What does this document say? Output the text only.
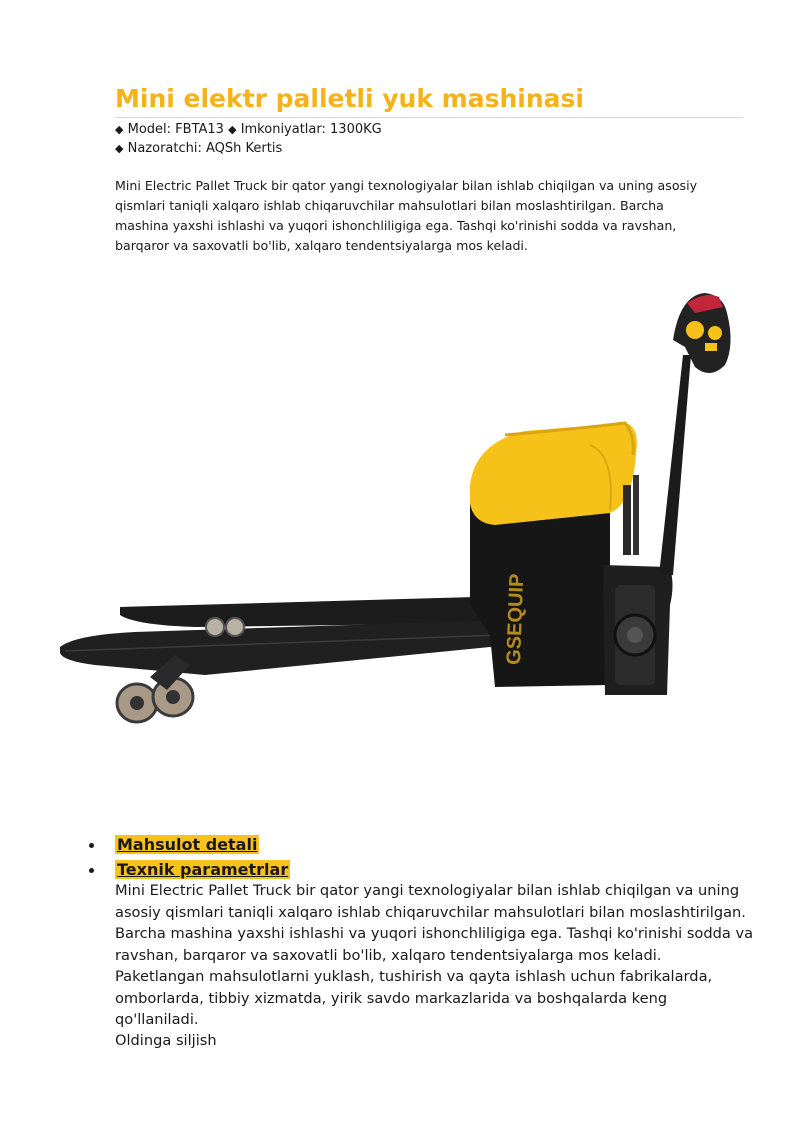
Mini elektr palletli yuk mashinasi
◆ Model: FBTA13 ◆ Imkoniyatlar: 1300KG
◆ Nazoratchi: AQSh Kertis

Mini Electric Pallet Truck bir qator yangi texnologiyalar bilan ishlab chiqilgan va uning asosiy qismlari taniqli xalqaro ishlab chiqaruvchilar mahsulotlari bilan moslashtirilgan. Barcha mashina yaxshi ishlashi va yuqori ishonchliligiga ega. Tashqi ko'rinishi sodda va ravshan, barqaror va saxovatli bo'lib, xalqaro tendentsiyalarga mos keladi.

GSEQUIP
Mahsulot detali
Texnik parametrlar

Mini Electric Pallet Truck bir qator yangi texnologiyalar bilan ishlab chiqilgan va uning asosiy qismlari taniqli xalqaro ishlab chiqaruvchilar mahsulotlari bilan moslashtirilgan. Barcha mashina yaxshi ishlashi va yuqori ishonchliligiga ega. Tashqi ko'rinishi sodda va ravshan, barqaror va saxovatli bo'lib, xalqaro tendentsiyalarga mos keladi. Paketlangan mahsulotlarni yuklash, tushirish va qayta ishlash uchun fabrikalarda, omborlarda, tibbiy xizmatda, yirik savdo markazlarida va boshqalarda keng qo'llaniladi.

Oldinga siljish
